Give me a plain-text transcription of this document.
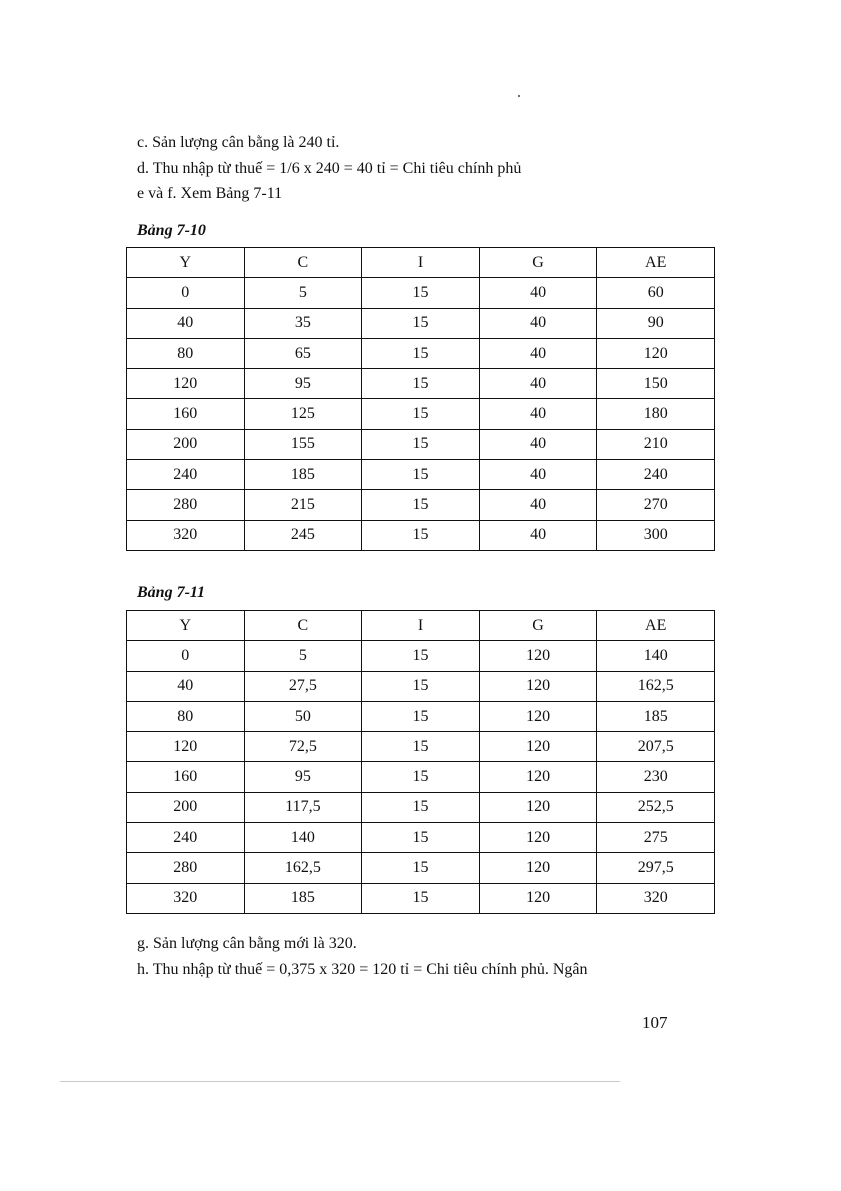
c. Sản lượng cân bằng là 240 tỉ.
d. Thu nhập từ thuế = 1/6 x 240 = 40 tỉ = Chi tiêu chính phủ
e và f. Xem Bảng 7-11
Bảng 7-10
Y	C	I	G	AE
0	5	15	40	60
40	35	15	40	90
80	65	15	40	120
120	95	15	40	150
160	125	15	40	180
200	155	15	40	210
240	185	15	40	240
280	215	15	40	270
320	245	15	40	300
Bảng 7-11
Y	C	I	G	AE
0	5	15	120	140
40	27,5	15	120	162,5
80	50	15	120	185
120	72,5	15	120	207,5
160	95	15	120	230
200	117,5	15	120	252,5
240	140	15	120	275
280	162,5	15	120	297,5
320	185	15	120	320
g. Sản lượng cân bằng mới là 320.
h. Thu nhập từ thuế = 0,375 x 320 = 120 tỉ = Chi tiêu chính phủ. Ngân
107
